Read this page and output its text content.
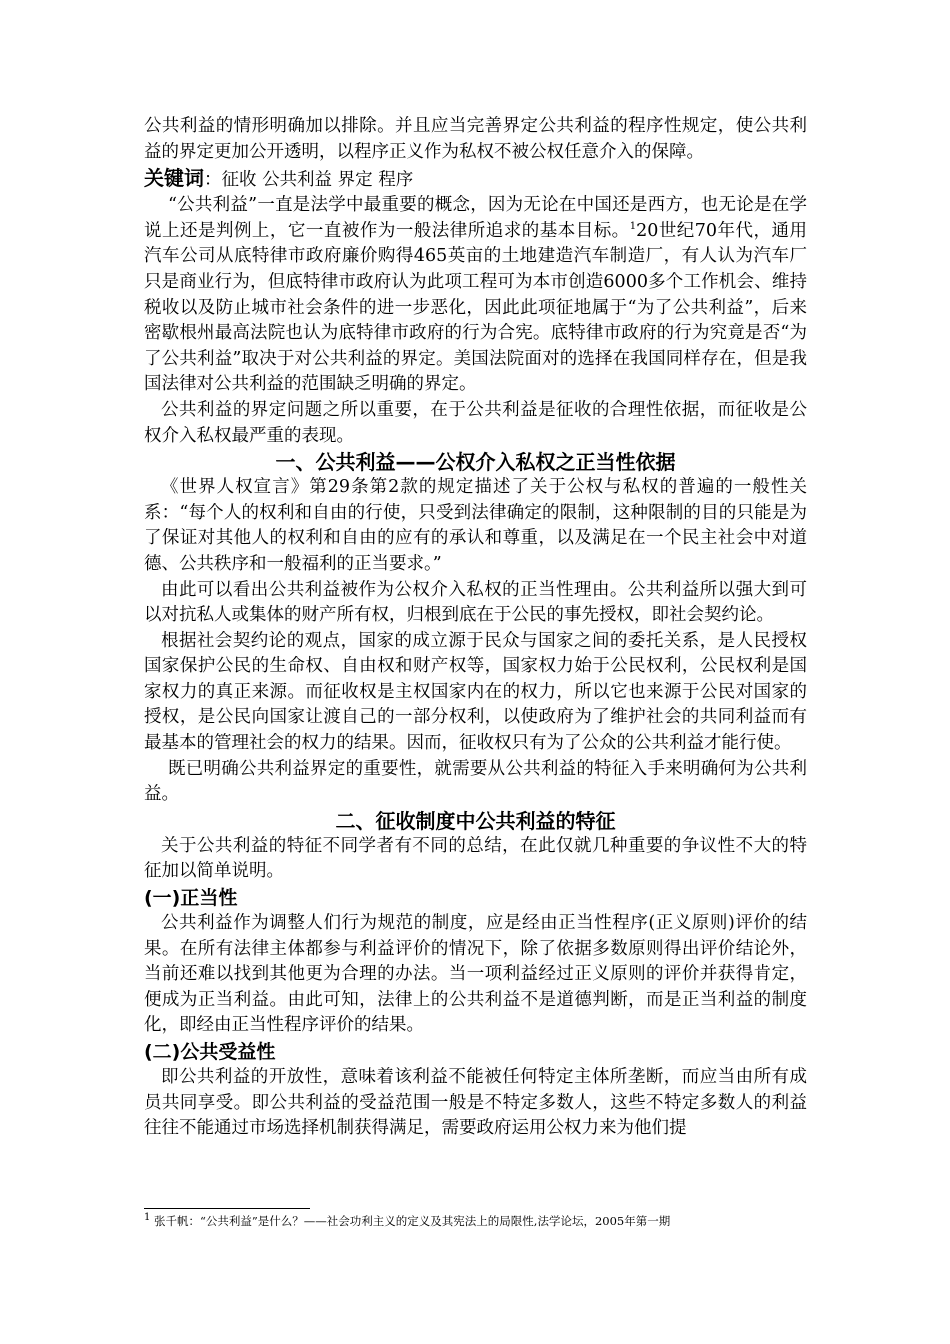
公共利益的情形明确加以排除。并且应当完善界定公共利益的程序性规定，使公共利益的界定更加公开透明，以程序正义作为私权不被公权任意介入的保障。

关键词：征收 公共利益 界定 程序

“公共利益”一直是法学中最重要的概念，因为无论在中国还是西方，也无论是在学说上还是判例上，它一直被作为一般法律所追求的基本目标。$^1$20世纪70年代，通用汽车公司从底特律市政府廉价购得465英亩的土地建造汽车制造厂，有人认为汽车厂只是商业行为，但底特律市政府认为此项工程可为本市创造6000多个工作机会、维持税收以及防止城市社会条件的进一步恶化，因此此项征地属于“为了公共利益”，后来密歇根州最高法院也认为底特律市政府的行为合宪。底特律市政府的行为究竟是否“为了公共利益”取决于对公共利益的界定。美国法院面对的选择在我国同样存在，但是我国法律对公共利益的范围缺乏明确的界定。

公共利益的界定问题之所以重要，在于公共利益是征收的合理性依据，而征收是公权介入私权最严重的表现。

一、公共利益——公权介入私权之正当性依据

《世界人权宣言》第29条第2款的规定描述了关于公权与私权的普遍的一般性关系：“每个人的权利和自由的行使，只受到法律确定的限制，这种限制的目的只能是为了保证对其他人的权利和自由的应有的承认和尊重，以及满足在一个民主社会中对道德、公共秩序和一般福利的正当要求。”

由此可以看出公共利益被作为公权介入私权的正当性理由。公共利益所以强大到可以对抗私人或集体的财产所有权，归根到底在于公民的事先授权，即社会契约论。

根据社会契约论的观点，国家的成立源于民众与国家之间的委托关系，是人民授权国家保护公民的生命权、自由权和财产权等，国家权力始于公民权利，公民权利是国家权力的真正来源。而征收权是主权国家内在的权力，所以它也来源于公民对国家的授权，是公民向国家让渡自己的一部分权利，以使政府为了维护社会的共同利益而有最基本的管理社会的权力的结果。因而，征收权只有为了公众的公共利益才能行使。

既已明确公共利益界定的重要性，就需要从公共利益的特征入手来明确何为公共利益。

二、征收制度中公共利益的特征

关于公共利益的特征不同学者有不同的总结，在此仅就几种重要的争议性不大的特征加以简单说明。

(一)正当性

公共利益作为调整人们行为规范的制度，应是经由正当性程序(正义原则)评价的结果。在所有法律主体都参与利益评价的情况下，除了依据多数原则得出评价结论外，当前还难以找到其他更为合理的办法。当一项利益经过正义原则的评价并获得肯定，便成为正当利益。由此可知，法律上的公共利益不是道德判断，而是正当利益的制度化，即经由正当性程序评价的结果。

(二)公共受益性

即公共利益的开放性，意味着该利益不能被任何特定主体所垄断，而应当由所有成员共同享受。即公共利益的受益范围一般是不特定多数人，这些不特定多数人的利益往往不能通过市场选择机制获得满足，需要政府运用公权力来为他们提

$^1$ 张千帆：“公共利益”是什么？——社会功利主义的定义及其宪法上的局限性,法学论坛，2005年第一期
